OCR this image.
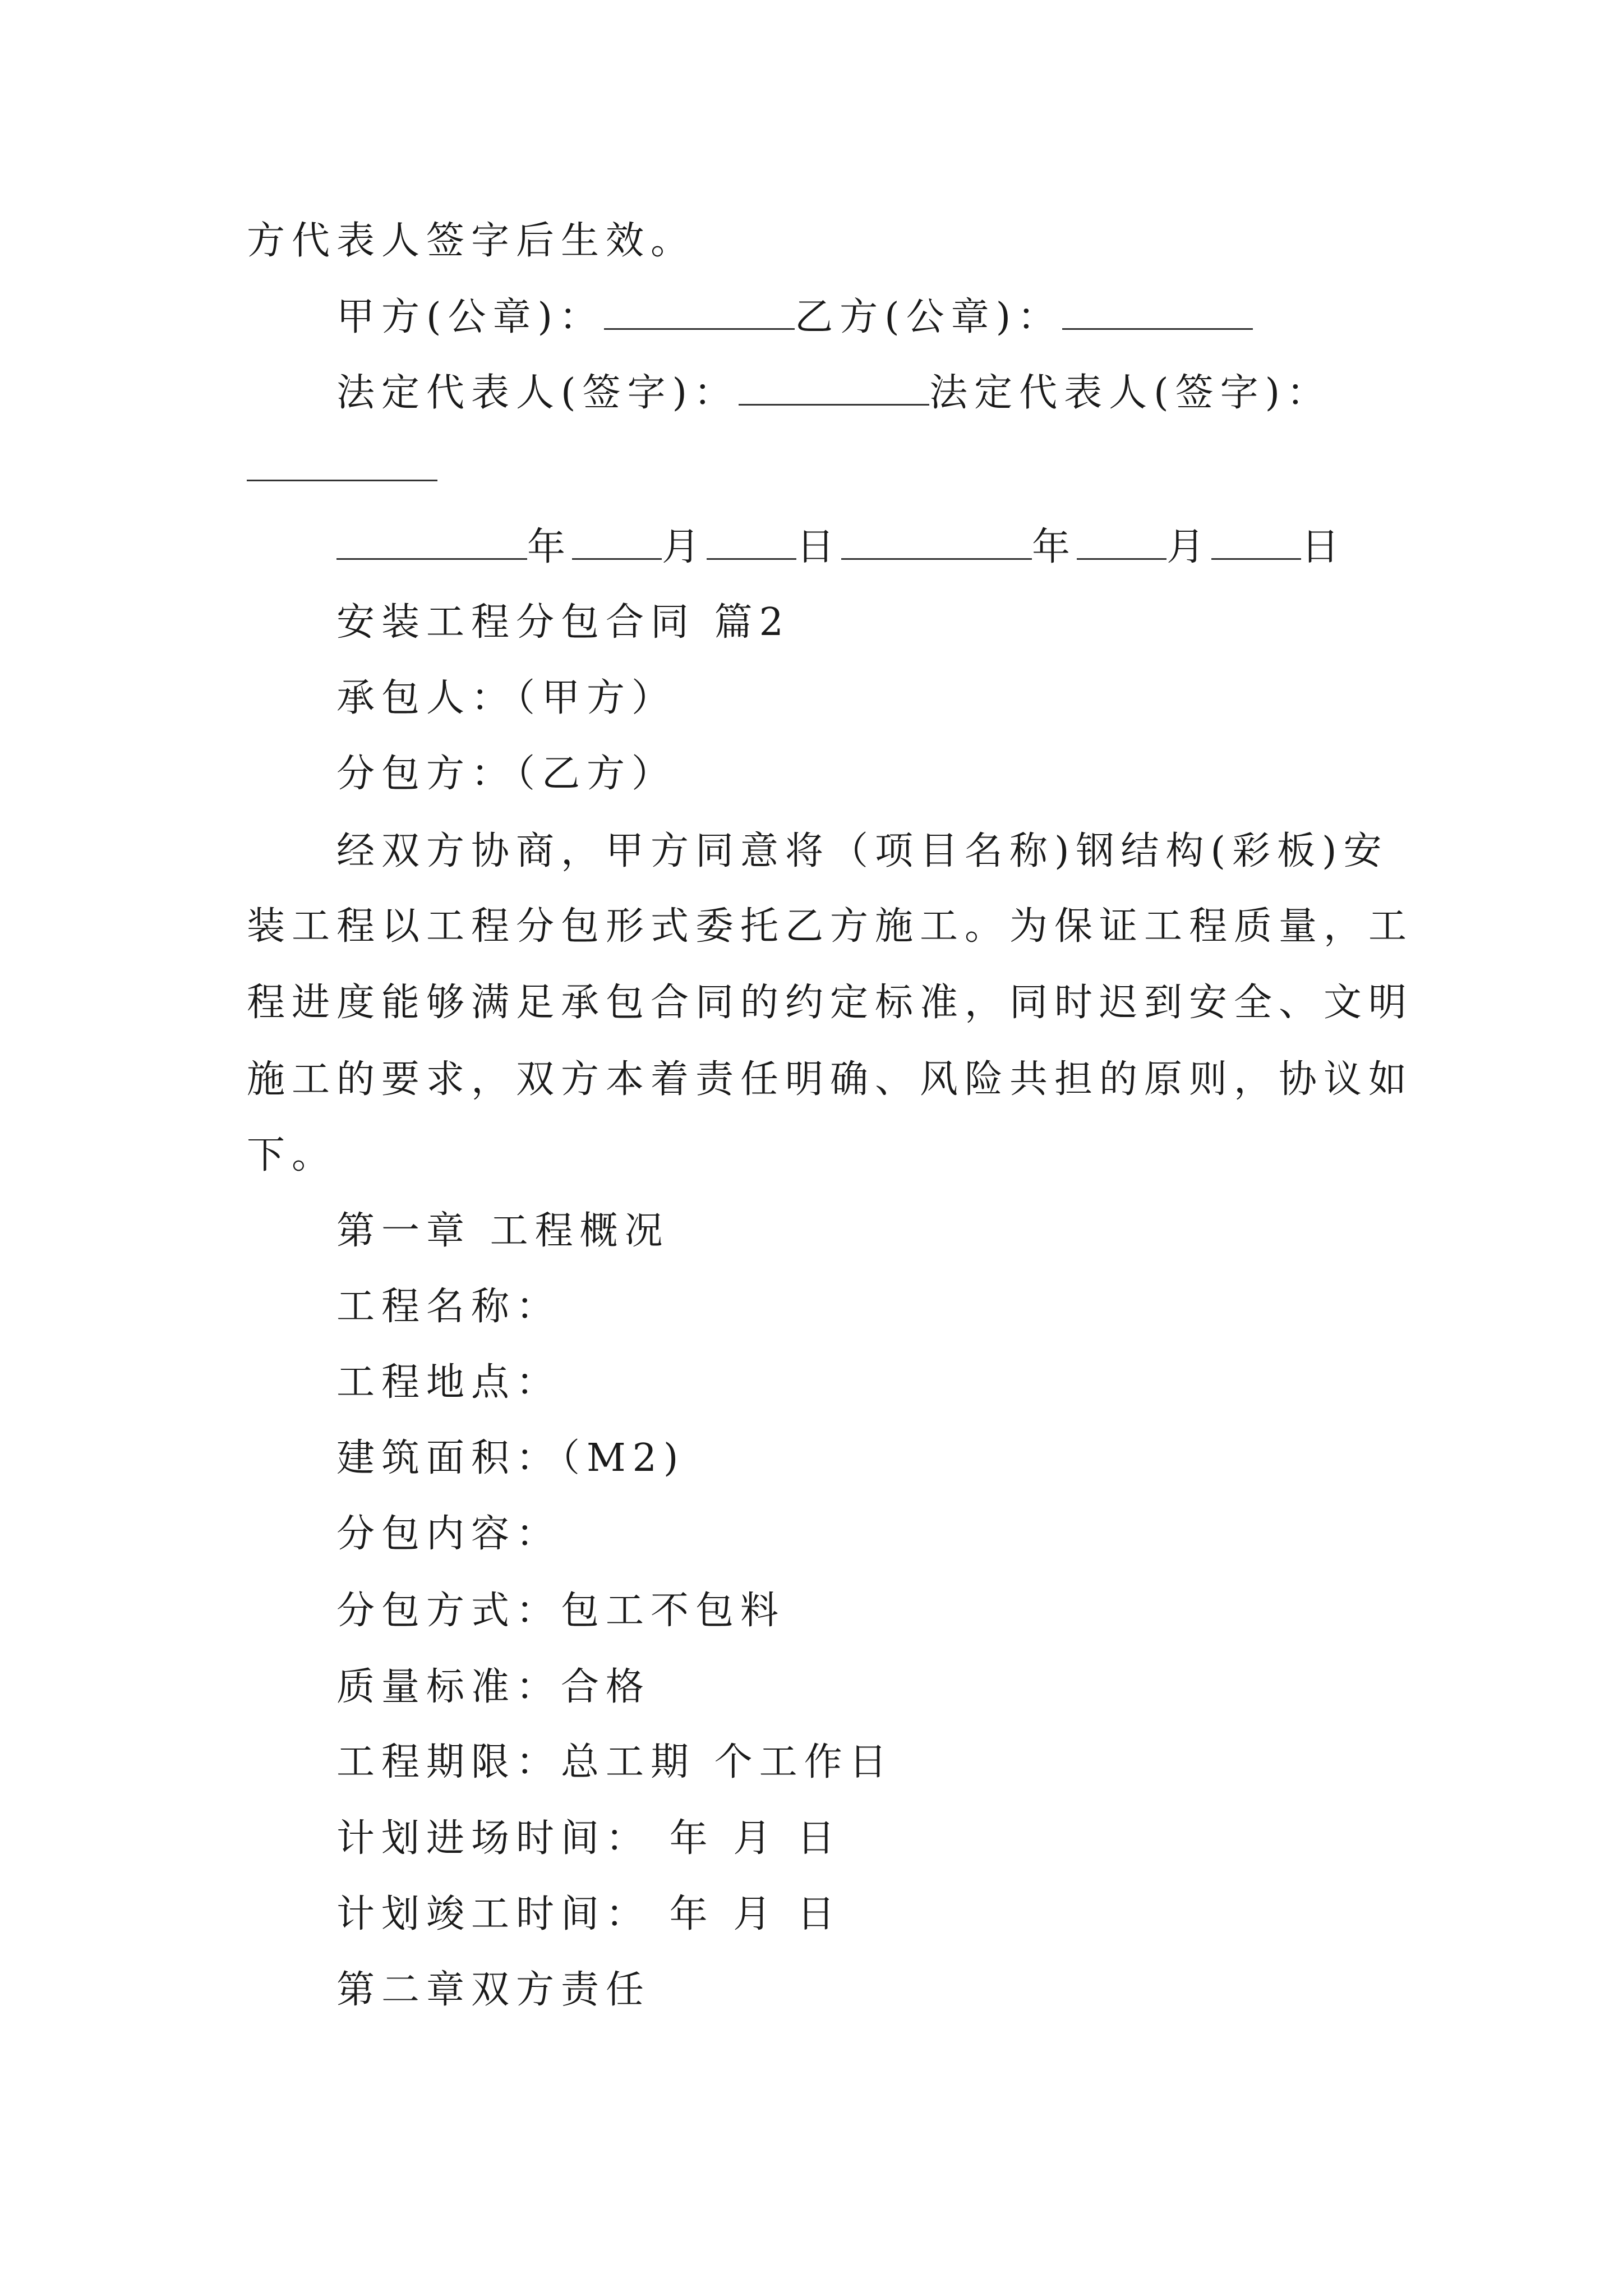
方代表人签字后生效。
甲方(公章)：	乙方(公章)：
法定代表人(签字)：	法定代表人(签字)：
年 月 日	年 月 日
安装工程分包合同 篇2
承包人：（甲方）
分包方：（乙方）
经双方协商，甲方同意将（项目名称)钢结构(彩板)安
装工程以工程分包形式委托乙方施工。为保证工程质量，工
程进度能够满足承包合同的约定标准，同时迟到安全、文明
施工的要求，双方本着责任明确、风险共担的原则，协议如
下。
第一章 工程概况
工程名称：
工程地点：
建筑面积：（M2)
分包内容：
分包方式：包工不包料
质量标准：合格
工程期限：总工期 个工作日
计划进场时间： 年 月 日
计划竣工时间： 年 月 日
第二章双方责任
